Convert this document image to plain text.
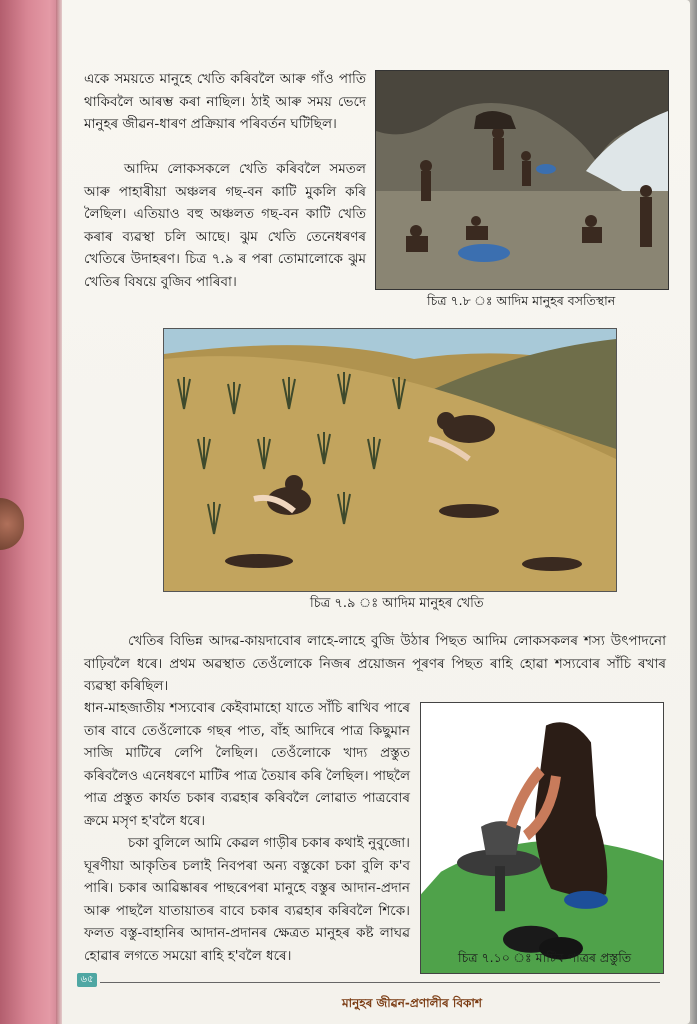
একে সময়তে মানুহে খেতি কৰিবলৈ আৰু গাঁও পাতি থাকিবলৈ আৰম্ভ কৰা নাছিল। ঠাই আৰু সময় ভেদে মানুহৰ জীৱন-ধাৰণ প্ৰক্ৰিয়াৰ পৰিবৰ্তন ঘটিছিল।

আদিম লোকসকলে খেতি কৰিবলৈ সমতল আৰু পাহাৰীয়া অঞ্চলৰ গছ-বন কাটি মুকলি কৰি লৈছিল। এতিয়াও বহু অঞ্চলত গছ-বন কাটি খেতি কৰাৰ ব্যৱস্থা চলি আছে। ঝুম খেতি তেনেধৰণৰ খেতিৰে উদাহৰণ। চিত্ৰ ৭.৯ ৰ পৰা তোমালোকে ঝুম খেতিৰ বিষয়ে বুজিব পাৰিবা।

চিত্ৰ ৭.৮ ঃ আদিম মানুহৰ বসতিস্থান
চিত্ৰ ৭.৯ ঃ আদিম মানুহৰ খেতি

খেতিৰ বিভিন্ন আদৱ-কায়দাবোৰ লাহে-লাহে বুজি উঠাৰ পিছত আদিম লোকসকলৰ শস্য উৎপাদনো বাঢ়িবলৈ ধৰে। প্ৰথম অৱস্থাত তেওঁলোকে নিজৰ প্ৰয়োজন পূৰণৰ পিছত ৰাহি হোৱা শস্যবোৰ সাঁচি ৰখাৰ ব্যৱস্থা কৰিছিল।

ধান-মাহজাতীয় শস্যবোৰ কেইবামাহো যাতে সাঁচি ৰাখিব পাৰে তাৰ বাবে তেওঁলোকে গছৰ পাত, বাঁহ আদিৰে পাত্ৰ কিছুমান সাজি মাটিৰে লেপি লৈছিল। তেওঁলোকে খাদ্য প্ৰস্তুত কৰিবলৈও এনেধৰণে মাটিৰ পাত্ৰ তৈয়াৰ কৰি লৈছিল। পাছলৈ পাত্ৰ প্ৰস্তুত কাৰ্যত চকাৰ ব্যৱহাৰ কৰিবলৈ লোৱাত পাত্ৰবোৰ ক্ৰমে মসৃণ হ'বলৈ ধৰে।

চকা বুলিলে আমি কেৱল গাড়ীৰ চকাৰ কথাই নুবুজো। ঘূৰণীয়া আকৃতিৰ চলাই নিবপৰা অন্য বস্তুকো চকা বুলি ক'ব পাৰি। চকাৰ আৱিষ্কাৰৰ পাছৰেপৰা মানুহে বস্তুৰ আদান-প্ৰদান আৰু পাছলৈ যাতায়াতৰ বাবে চকাৰ ব্যৱহাৰ কৰিবলৈ শিকে। ফলত বস্তু-বাহানিৰ আদান-প্ৰদানৰ ক্ষেত্ৰত মানুহৰ কষ্ট লাঘৱ হোৱাৰ লগতে সময়ো ৰাহি হ'বলৈ ধৰে।	চিত্ৰ ৭.১০ ঃ মাটিৰ পাত্ৰৰ প্ৰস্তুতি
৬৫
মানুহৰ জীৱন-প্ৰণালীৰ বিকাশ
